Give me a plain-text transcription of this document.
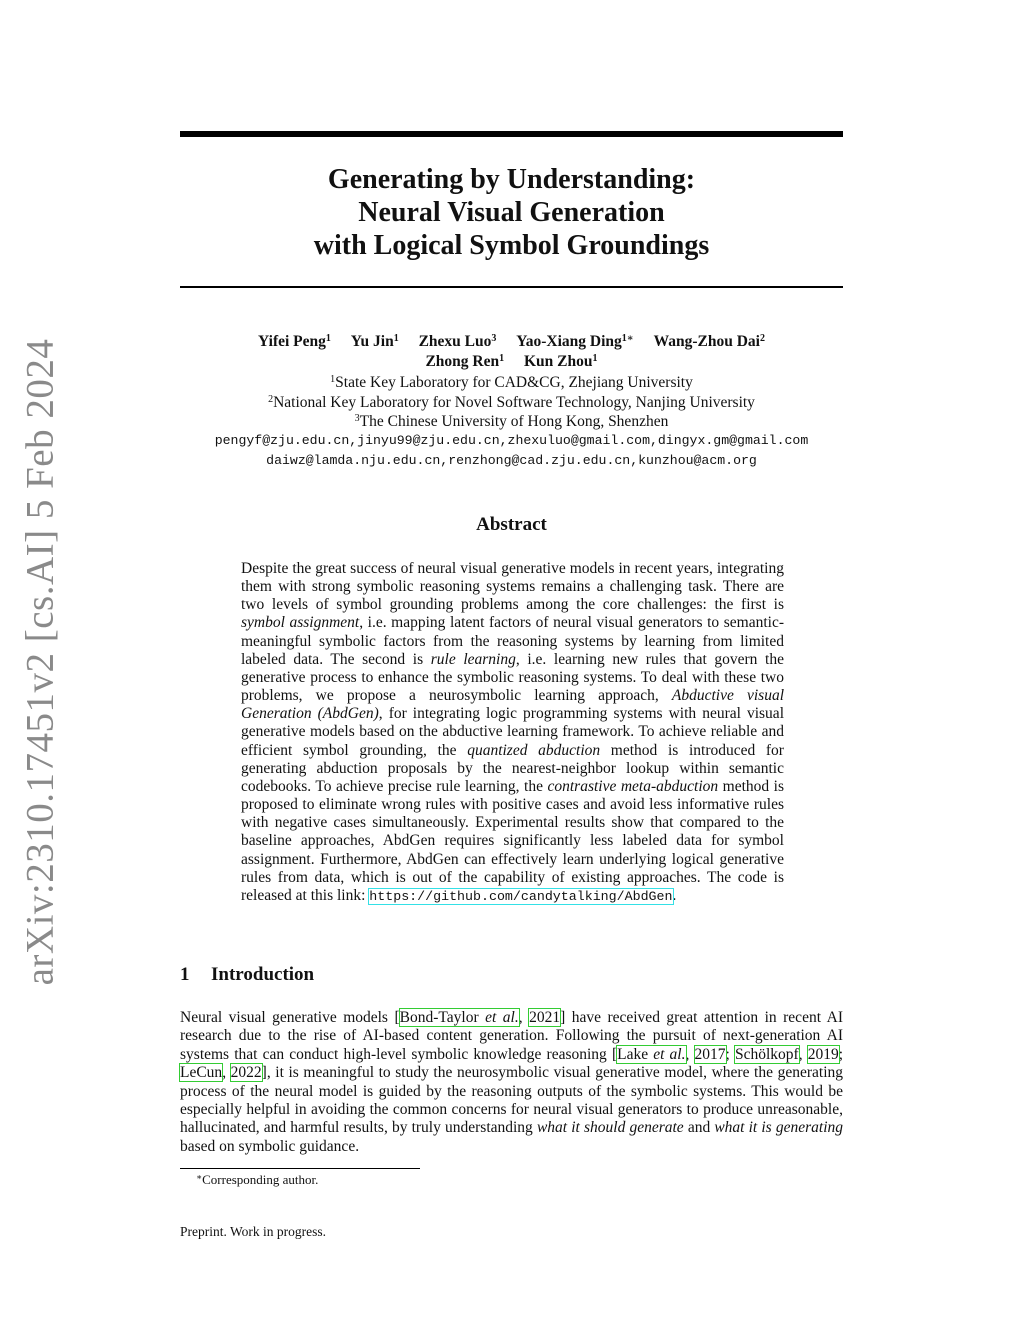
arXiv:2310.17451v2 [cs.AI] 5 Feb 2024
Generating by Understanding:
Neural Visual Generation
with Logical Symbol Groundings
Yifei Peng$^1$ Yu Jin$^1$ Zhexu Luo$^3$ Yao-Xiang Ding$^{1∗}$ Wang-Zhou Dai$^2$
Zhong Ren$^1$ Kun Zhou$^1$
$^1$State Key Laboratory for CAD&CG, Zhejiang University
$^2$National Key Laboratory for Novel Software Technology, Nanjing University
$^3$The Chinese University of Hong Kong, Shenzhen
pengyf@zju.edu.cn,jinyu99@zju.edu.cn,zhexuluo@gmail.com,dingyx.gm@gmail.com
daiwz@lamda.nju.edu.cn,renzhong@cad.zju.edu.cn,kunzhou@acm.org
Abstract
Despite the great success of neural visual generative models in recent years, integrating them with strong symbolic reasoning systems remains a challenging task. There are two levels of symbol grounding problems among the core challenges: the first is symbol assignment, i.e. mapping latent factors of neural visual generators to semantic-meaningful symbolic factors from the reasoning systems by learning from limited labeled data. The second is rule learning, i.e. learning new rules that govern the generative process to enhance the symbolic reasoning systems. To deal with these two problems, we propose a neurosymbolic learning approach, Abductive visual Generation (AbdGen), for integrating logic programming systems with neural visual generative models based on the abductive learning framework. To achieve reliable and efficient symbol grounding, the quantized abduction method is introduced for generating abduction proposals by the nearest-neighbor lookup within semantic codebooks. To achieve precise rule learning, the contrastive meta-abduction method is proposed to eliminate wrong rules with positive cases and avoid less informative rules with negative cases simultaneously. Experimental results show that compared to the baseline approaches, AbdGen requires significantly less labeled data for symbol assignment. Furthermore, AbdGen can effectively learn underlying logical generative rules from data, which is out of the capability of existing approaches. The code is released at this link: https://github.com/candytalking/AbdGen.
1 Introduction
Neural visual generative models [Bond-Taylor et al., 2021] have received great attention in recent AI research due to the rise of AI-based content generation. Following the pursuit of next-generation AI systems that can conduct high-level symbolic knowledge reasoning [Lake et al., 2017; Schölkopf, 2019; LeCun, 2022], it is meaningful to study the neurosymbolic visual generative model, where the generating process of the neural model is guided by the reasoning outputs of the symbolic systems. This would be especially helpful in avoiding the common concerns for neural visual generators to produce unreasonable, hallucinated, and harmful results, by truly understanding what it should generate and what it is generating based on symbolic guidance.
∗Corresponding author.
Preprint. Work in progress.
